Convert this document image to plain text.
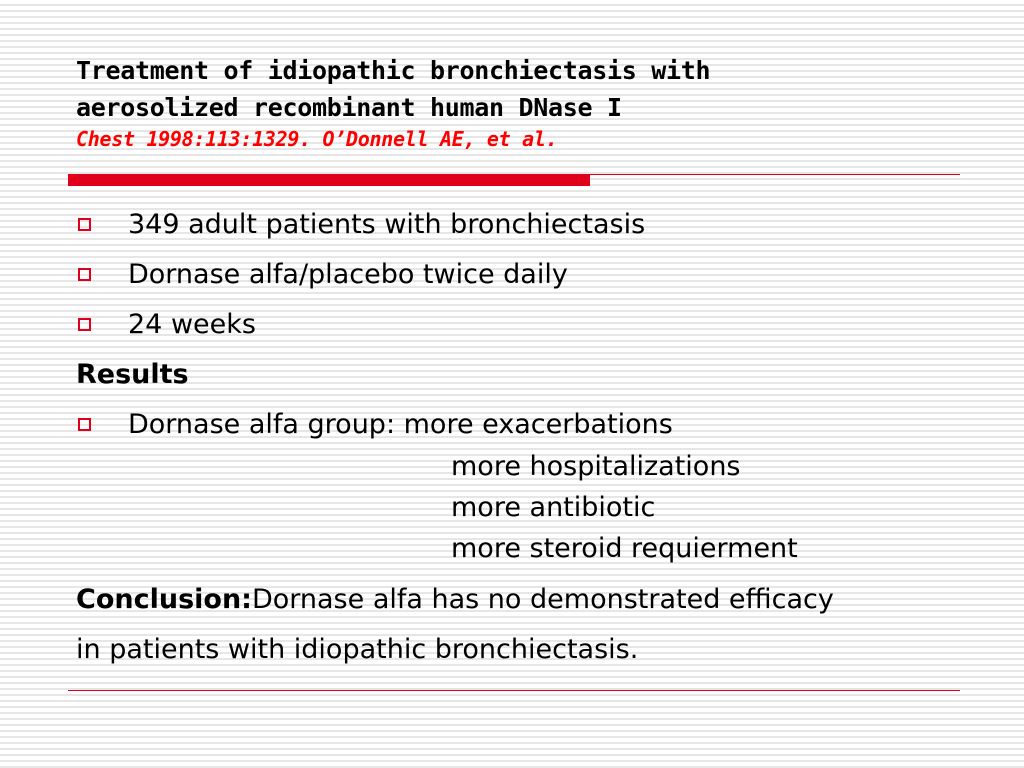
Treatment of idiopathic bronchiectasis with
aerosolized recombinant human DNase I
Chest 1998:113:1329. O’Donnell AE, et al.
349 adult patients with bronchiectasis
Dornase alfa/placebo twice daily
24 weeks
Results
Dornase alfa group: more exacerbations
more hospitalizations
more antibiotic
more steroid requierment
Conclusion:Dornase alfa has no demonstrated efficacy
in patients with idiopathic bronchiectasis.
